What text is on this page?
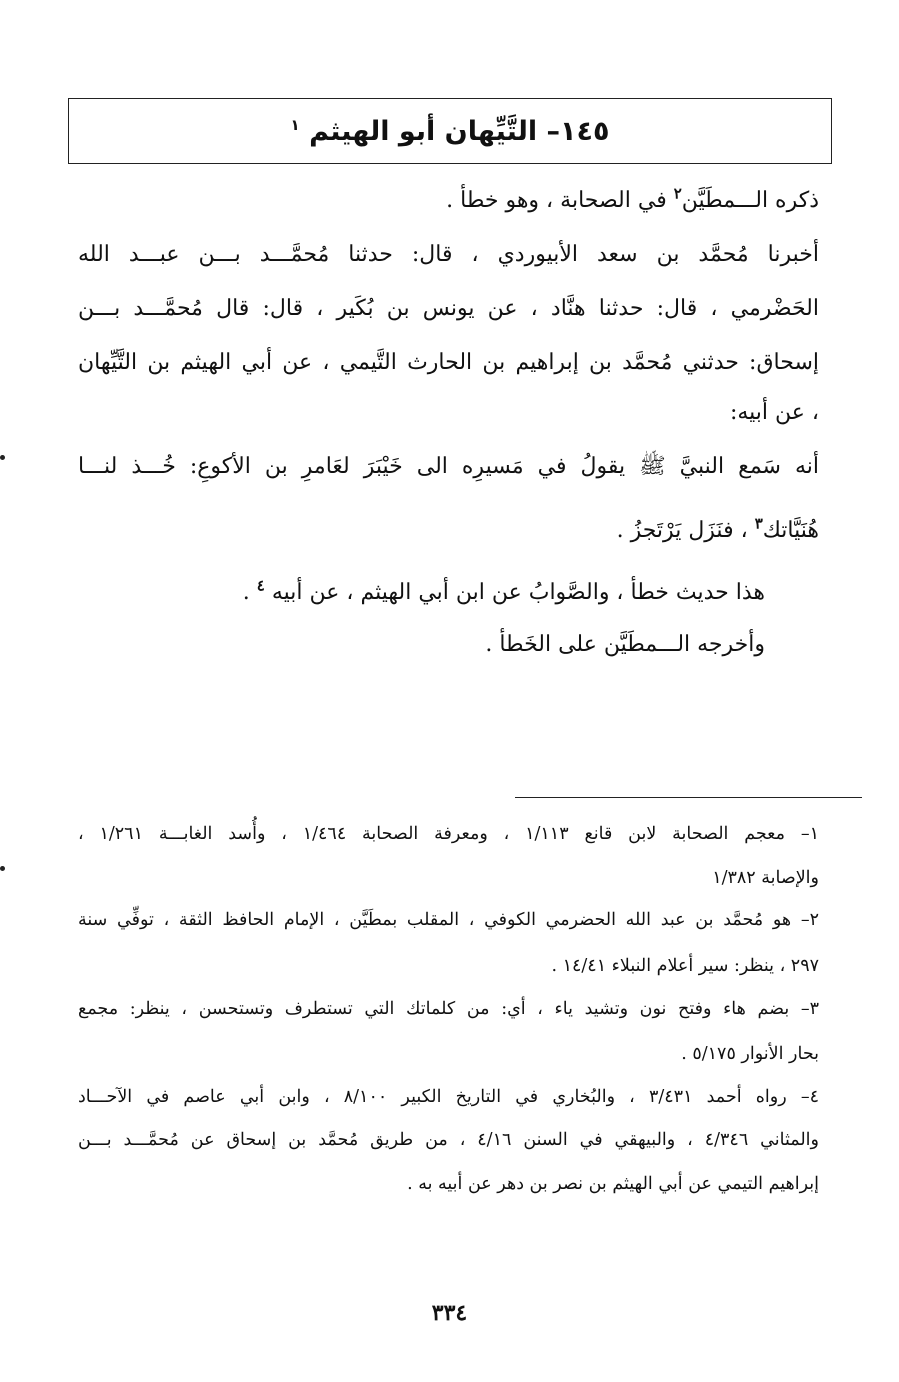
١٤٥– التَّيِّهان أبو الهيثم $^١$
ذكره الـــمطَيَّن$^٢$ في الصحابة ، وهو خطأ .
أخبرنا مُحمَّد بن سعد الأبيوردي ، قال: حدثنا مُحمَّـــد بـــن عبـــد الله
الحَضْرمي ، قال: حدثنا هنَّاد ، عن يونس بن بُكَير ، قال: قال مُحمَّـــد بـــن
إسحاق: حدثني مُحمَّد بن إبراهيم بن الحارث التَّيمي ، عن أبي الهيثم بن التَّيِّهان
، عن أبيه:
أنه سَمع النبيَّ ﷺ يقولُ في مَسيرِه الى خَيْبَرَ لعَامرِ بن الأكوعِ: خُـــذ لنـــا
هُنَيَّاتك$^٣$ ، فنَزَل يَرْتَجزُ .
هذا حديث خطأ ، والصَّوابُ عن ابن أبي الهيثم ، عن أبيه $^٤$ .
وأخرجه الـــمطَيَّن على الخَطأ .
١– معجم الصحابة لابن قانع ١/١١٣ ، ومعرفة الصحابة ١/٤٦٤ ، وأُسد الغابـــة ١/٢٦١ ،
والإصابة ١/٣٨٢
٢– هو مُحمَّد بن عبد الله الحضرمي الكوفي ، المقلب بمطَيَّن ، الإمام الحافظ الثقة ، توفِّي سنة
٢٩٧ ، ينظر: سير أعلام النبلاء ١٤/٤١ .
٣– بضم هاء وفتح نون وتشيد ياء ، أي: من كلماتك التي تستطرف وتستحسن ، ينظر: مجمع
بحار الأنوار ٥/١٧٥ .
٤– رواه أحمد ٣/٤٣١ ، والبُخاري في التاريخ الكبير ٨/١٠٠ ، وابن أبي عاصم في الآحـــاد
والمثاني ٤/٣٤٦ ، والبيهقي في السنن ٤/١٦ ، من طريق مُحمَّد بن إسحاق عن مُحمَّـــد بـــن
إبراهيم التيمي عن أبي الهيثم بن نصر بن دهر عن أبيه به .
٣٣٤
